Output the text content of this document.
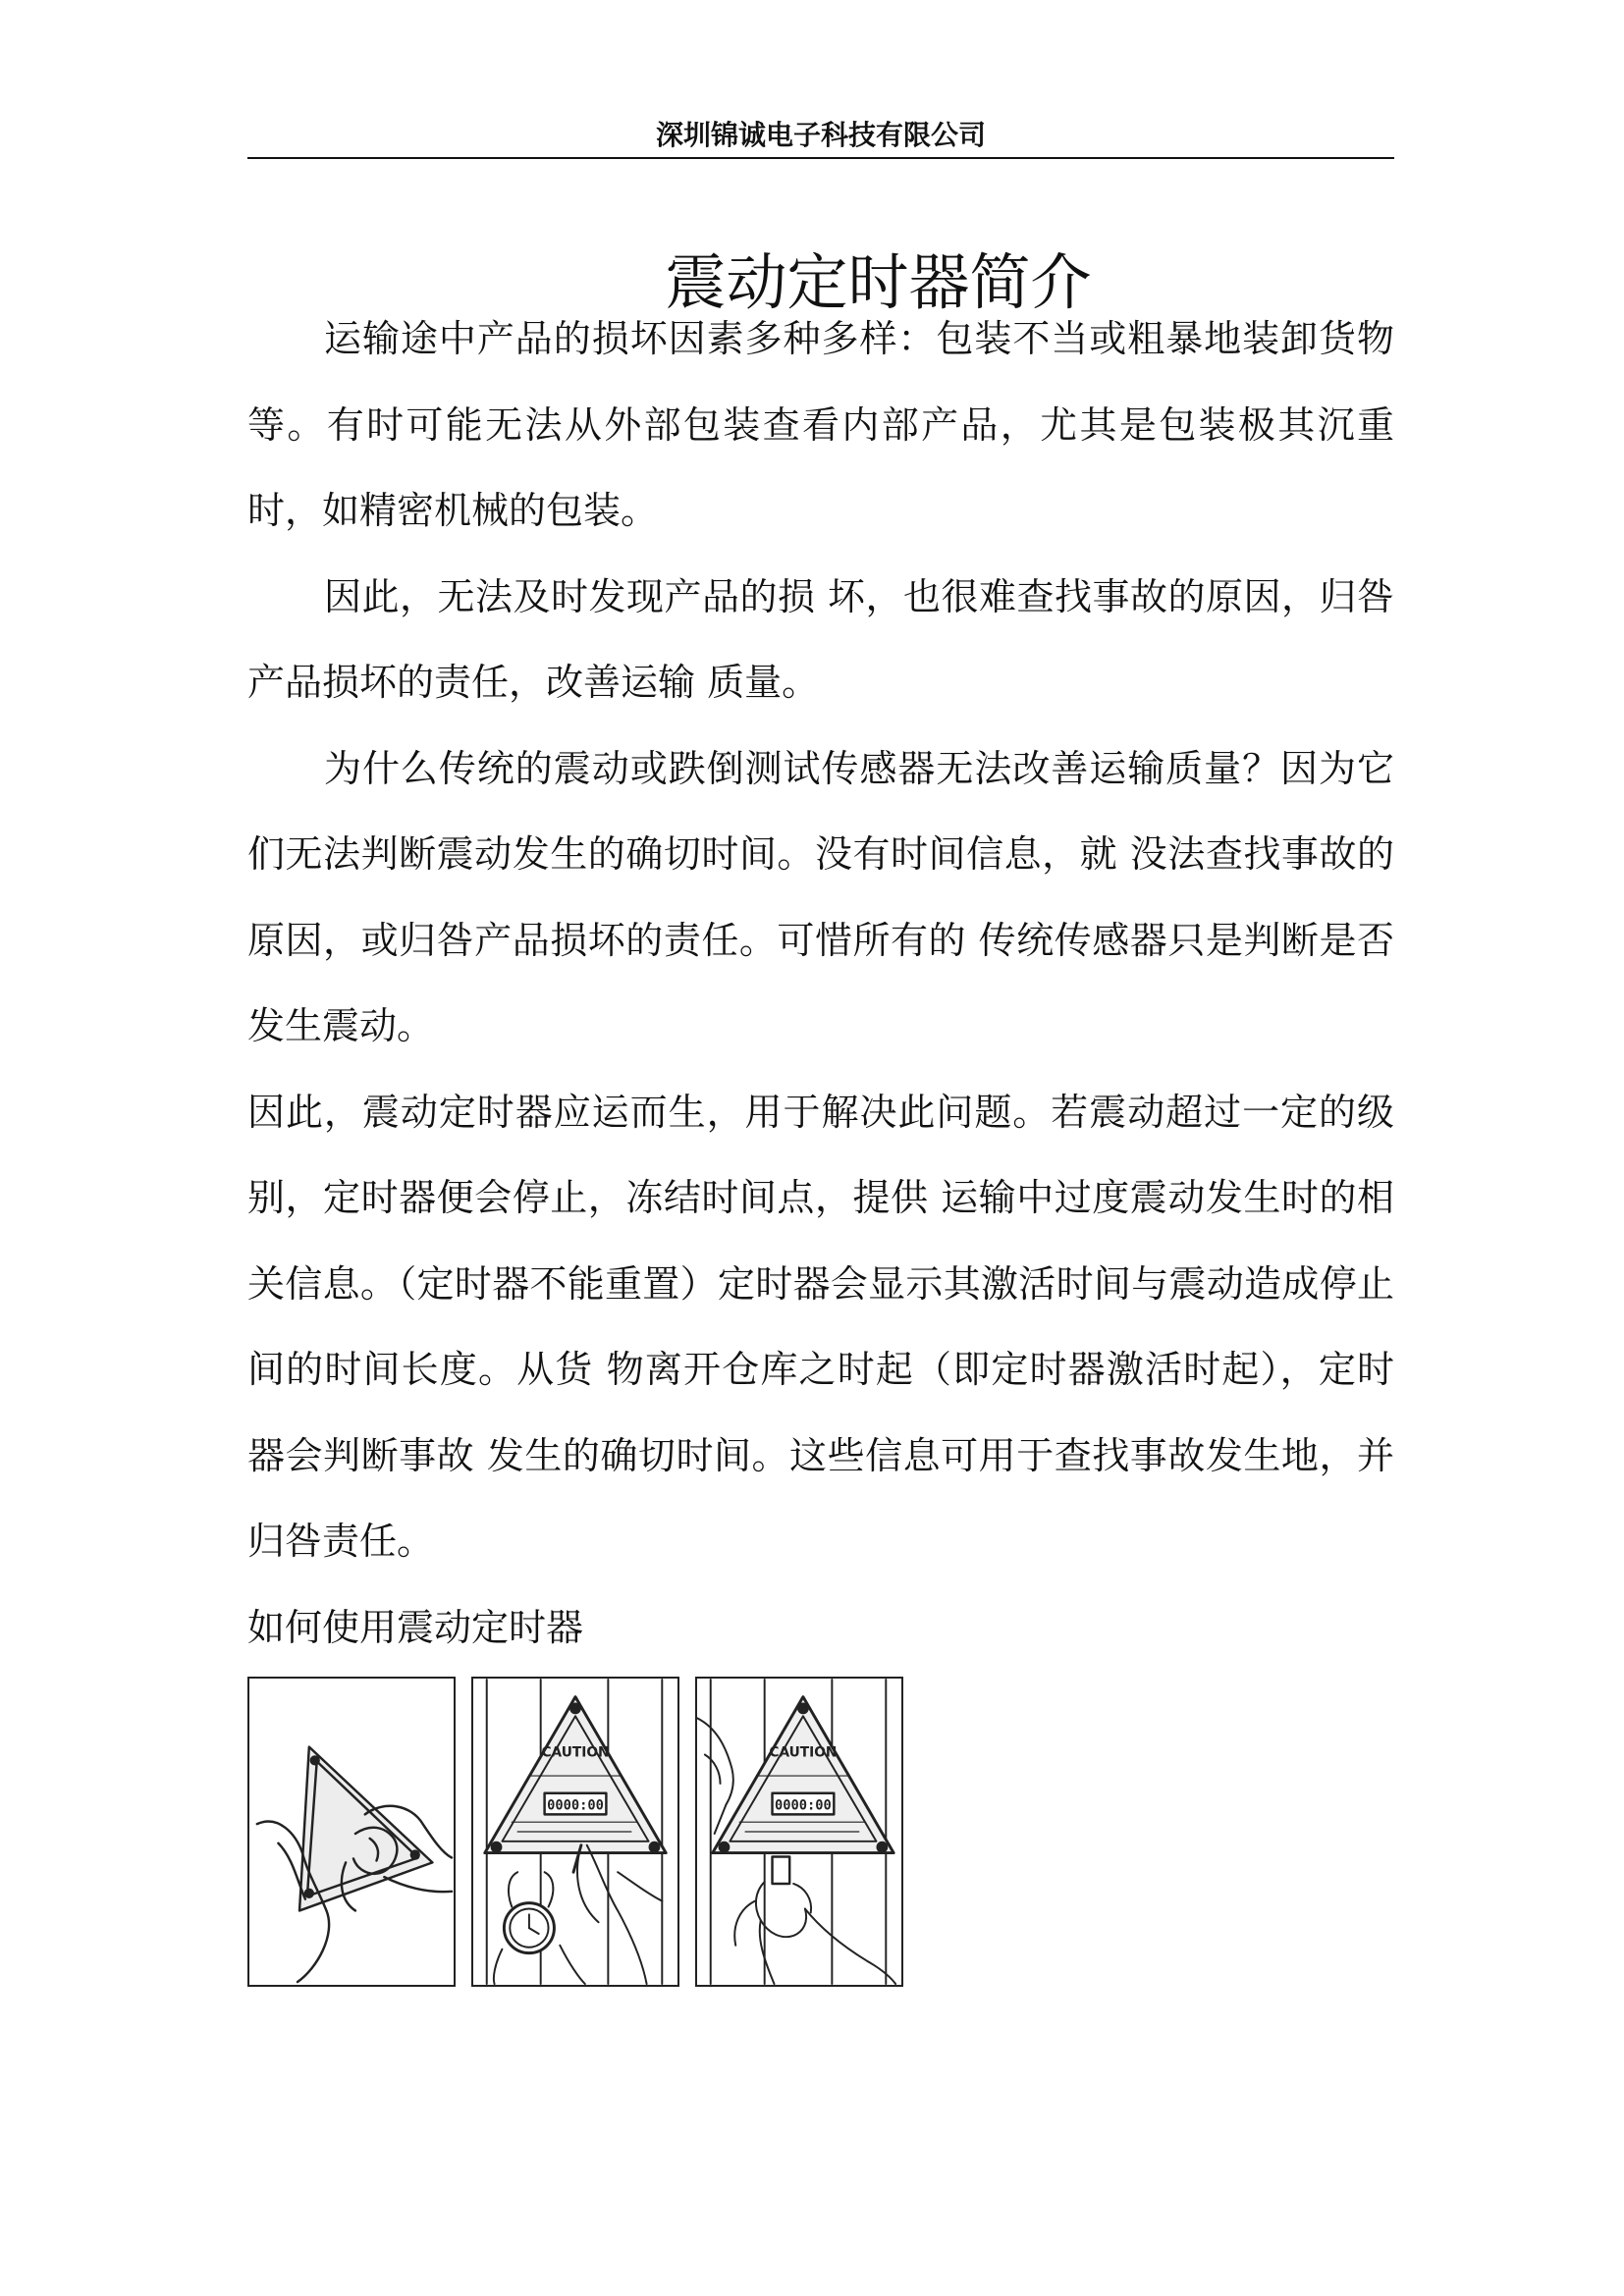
深圳锦诚电子科技有限公司
震动定时器简介

运输途中产品的损坏因素多种多样：包装不当或粗暴地装卸货物等。有时可能无法从外部包装查看内部产品，尤其是包装极其沉重时，如精密机械的包装。

因此，无法及时发现产品的损 坏，也很难查找事故的原因，归咎产品损坏的责任，改善运输 质量。

为什么传统的震动或跌倒测试传感器无法改善运输质量？因为它们无法判断震动发生的确切时间。没有时间信息，就 没法查找事故的原因，或归咎产品损坏的责任。可惜所有的 传统传感器只是判断是否发生震动。

因此，震动定时器应运而生，用于解决此问题。若震动超过一定的级别，定时器便会停止，冻结时间点，提供 运输中过度震动发生时的相关信息。（定时器不能重置）定时器会显示其激活时间与震动造成停止间的时间长度。从货 物离开仓库之时起（即定时器激活时起），定时器会判断事故 发生的确切时间。这些信息可用于查找事故发生地，并归咎责任。

如何使用震动定时器

CAUTION
0000:00
CAUTION
0000:00
